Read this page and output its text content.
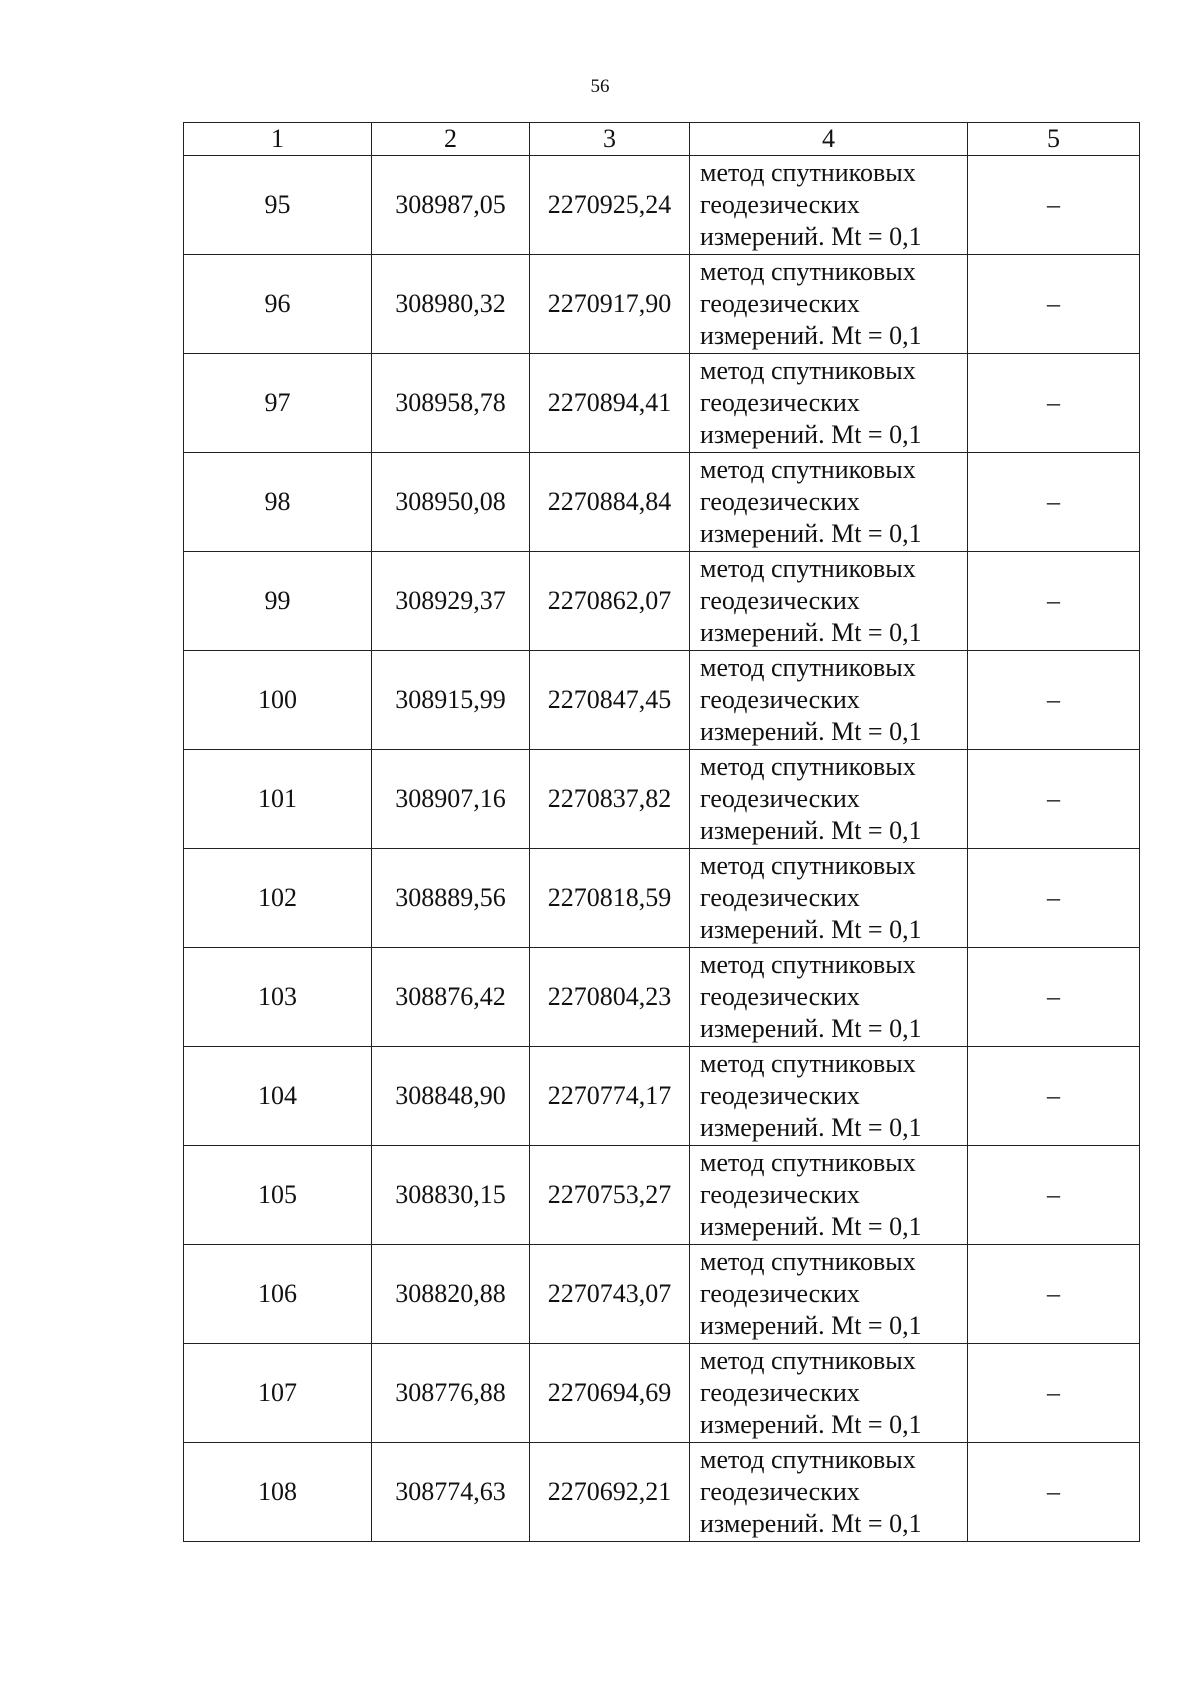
56
1	2	3	4	5
95	308987,05	2270925,24	метод спутниковых
геодезических
измерений. Mt = 0,1	–
96	308980,32	2270917,90	метод спутниковых
геодезических
измерений. Mt = 0,1	–
97	308958,78	2270894,41	метод спутниковых
геодезических
измерений. Mt = 0,1	–
98	308950,08	2270884,84	метод спутниковых
геодезических
измерений. Mt = 0,1	–
99	308929,37	2270862,07	метод спутниковых
геодезических
измерений. Mt = 0,1	–
100	308915,99	2270847,45	метод спутниковых
геодезических
измерений. Mt = 0,1	–
101	308907,16	2270837,82	метод спутниковых
геодезических
измерений. Mt = 0,1	–
102	308889,56	2270818,59	метод спутниковых
геодезических
измерений. Mt = 0,1	–
103	308876,42	2270804,23	метод спутниковых
геодезических
измерений. Mt = 0,1	–
104	308848,90	2270774,17	метод спутниковых
геодезических
измерений. Mt = 0,1	–
105	308830,15	2270753,27	метод спутниковых
геодезических
измерений. Mt = 0,1	–
106	308820,88	2270743,07	метод спутниковых
геодезических
измерений. Mt = 0,1	–
107	308776,88	2270694,69	метод спутниковых
геодезических
измерений. Mt = 0,1	–
108	308774,63	2270692,21	метод спутниковых
геодезических
измерений. Mt = 0,1	–
